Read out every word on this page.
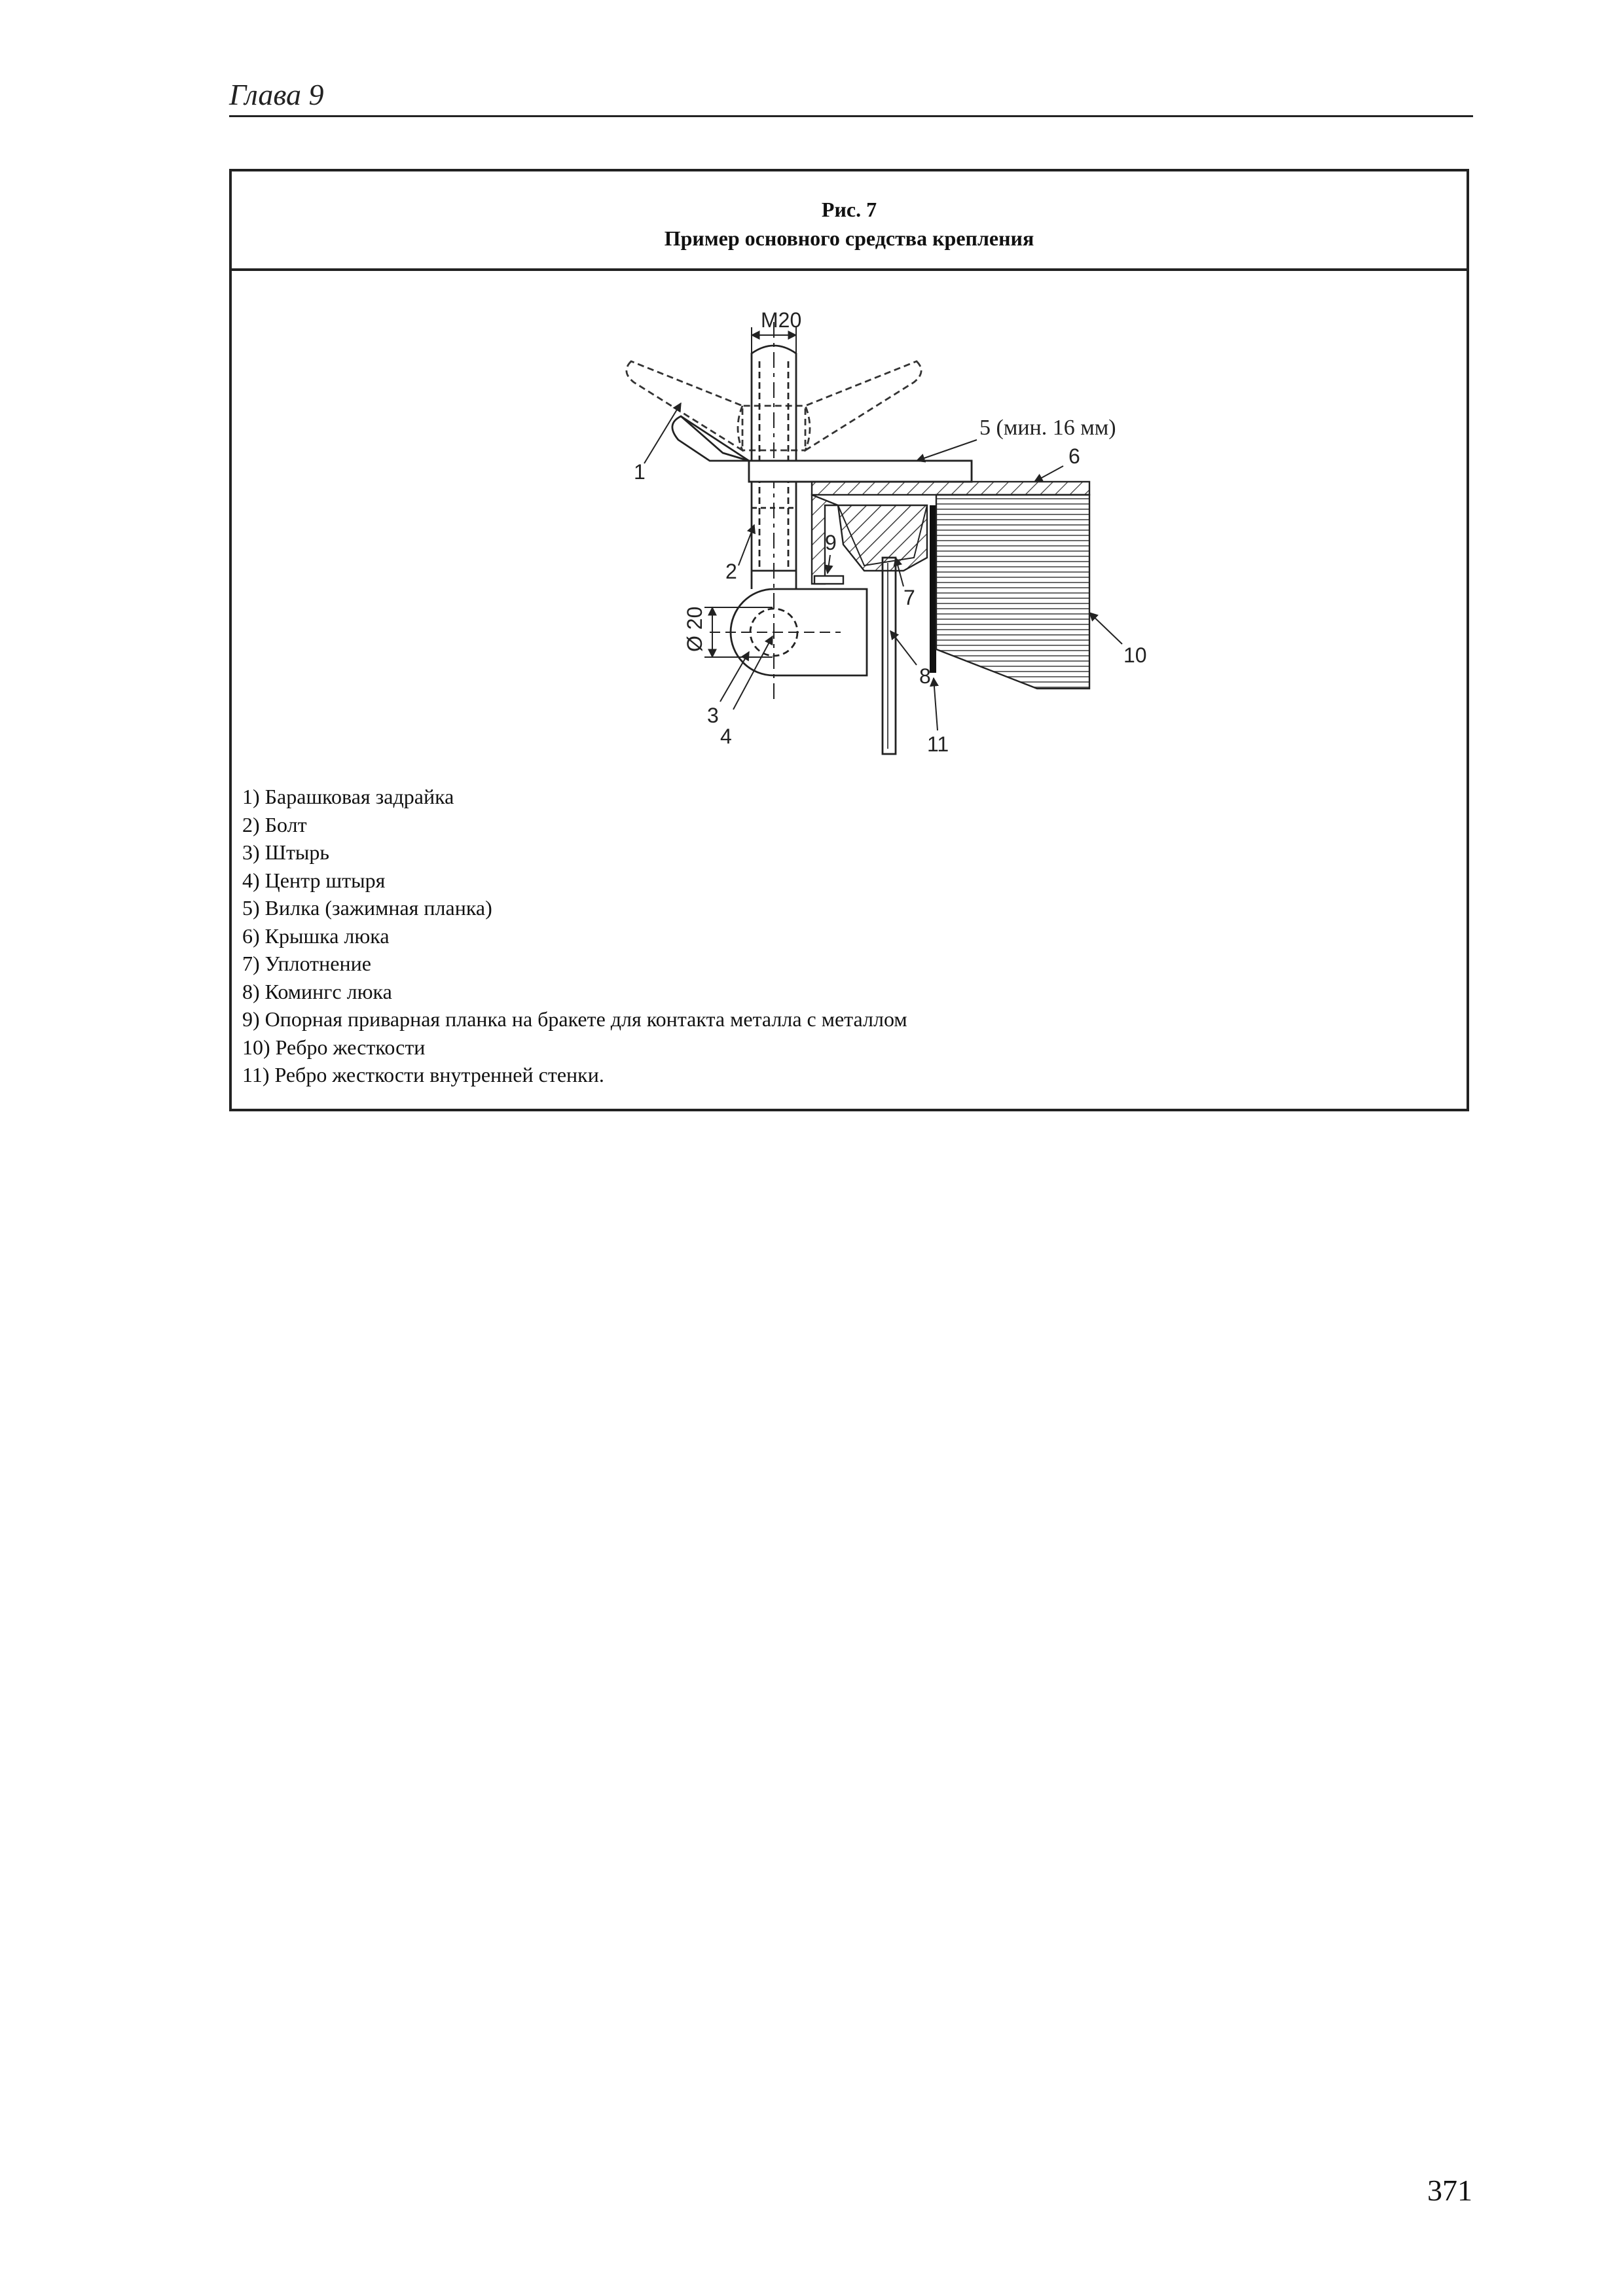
Глава 9
Рис. 7
Пример основного средства крепления
M20
Ø 20
1
2
3
4
5 (мин. 16 мм)
6
7
8
9
10
11
1) Барашковая задрайка
2) Болт
3) Штырь
4) Центр штыря
5) Вилка (зажимная планка)
6) Крышка люка
7) Уплотнение
8) Комингс люка
9) Опорная приварная планка на бракете для контакта металла с металлом
10) Ребро жесткости
11) Ребро жесткости внутренней стенки.
371
